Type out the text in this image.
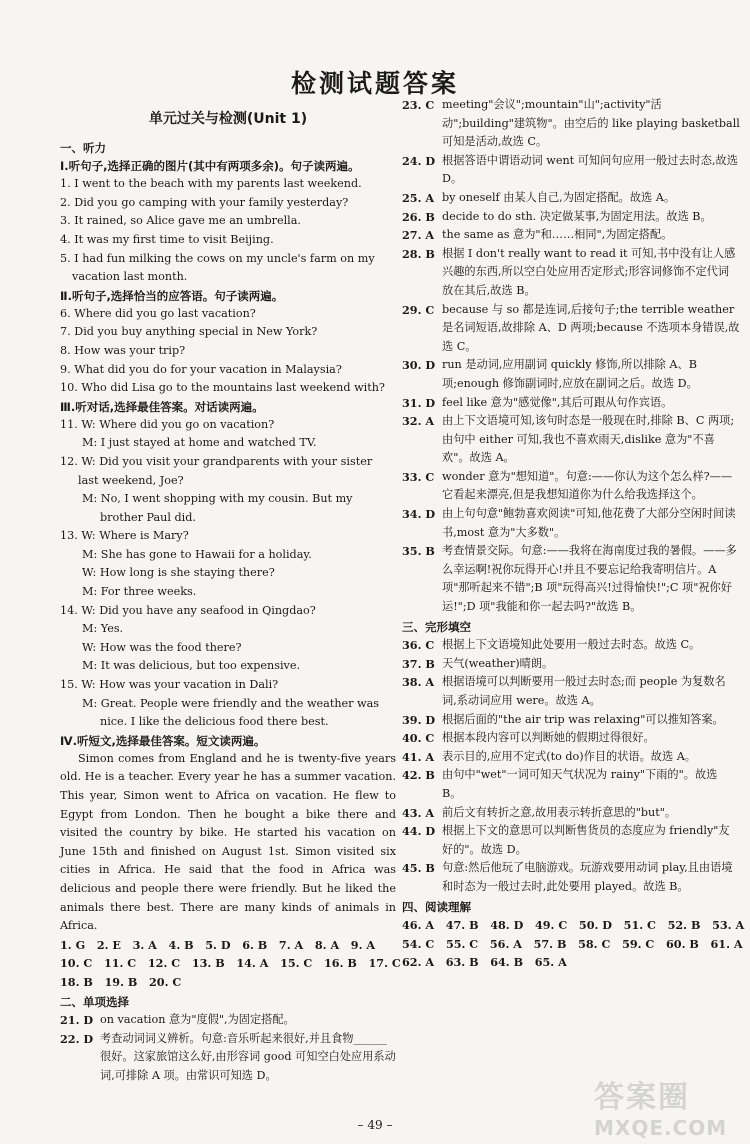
检测试题答案
单元过关与检测(Unit 1)
一、听力
Ⅰ.听句子,选择正确的图片(其中有两项多余)。句子读两遍。
1. I went to the beach with my parents last weekend.
2. Did you go camping with your family yesterday?
3. It rained, so Alice gave me an umbrella.
4. It was my first time to visit Beijing.
5. I had fun milking the cows on my uncle's farm on my vacation last month.
Ⅱ.听句子,选择恰当的应答语。句子读两遍。
6. Where did you go last vacation?
7. Did you buy anything special in New York?
8. How was your trip?
9. What did you do for your vacation in Malaysia?
10. Who did Lisa go to the mountains last weekend with?
Ⅲ.听对话,选择最佳答案。对话读两遍。
11. W: Where did you go on vacation?
M: I just stayed at home and watched TV.
12. W: Did you visit your grandparents with your sister last weekend, Joe?
M: No, I went shopping with my cousin. But my brother Paul did.
13. W: Where is Mary?
M: She has gone to Hawaii for a holiday.
W: How long is she staying there?
M: For three weeks.
14. W: Did you have any seafood in Qingdao?
M: Yes.
W: How was the food there?
M: It was delicious, but too expensive.
15. W: How was your vacation in Dali?
M: Great. People were friendly and the weather was nice. I like the delicious food there best.
Ⅳ.听短文,选择最佳答案。短文读两遍。
Simon comes from England and he is twenty-five years old. He is a teacher. Every year he has a summer vacation. This year, Simon went to Africa on vacation. He flew to Egypt from London. Then he bought a bike there and visited the country by bike. He started his vacation on June 15th and finished on August 1st. Simon visited six cities in Africa. He said that the food in Africa was delicious and people there were friendly. But he liked the animals there best. There are many kinds of animals in Africa.
1. G   2. E   3. A   4. B   5. D   6. B   7. A   8. A   9. A
10. C   11. C   12. C   13. B   14. A   15. C   16. B   17. C
18. B   19. B   20. C
二、单项选择
21. D on vacation 意为"度假",为固定搭配。
22. D 考查动词词义辨析。句意:音乐听起来很好,并且食物______很好。这家旅馆这么好,由形容词 good 可知空白处应用系动词,可排除 A 项。由常识可知选 D。
23. C meeting"会议";mountain"山";activity"活动";building"建筑物"。由空后的 like playing basketball 可知是活动,故选 C。
24. D 根据答语中谓语动词 went 可知问句应用一般过去时态,故选 D。
25. A by oneself 由某人自己,为固定搭配。故选 A。
26. B decide to do sth. 决定做某事,为固定用法。故选 B。
27. A the same as 意为"和……相同",为固定搭配。
28. B 根据 I don't really want to read it 可知,书中没有让人感兴趣的东西,所以空白处应用否定形式;形容词修饰不定代词放在其后,故选 B。
29. C because 与 so 都是连词,后接句子;the terrible weather 是名词短语,故排除 A、D 两项;because 不选项本身错误,故选 C。
30. D run 是动词,应用副词 quickly 修饰,所以排除 A、B 项;enough 修饰副词时,应放在副词之后。故选 D。
31. D feel like 意为"感觉像",其后可跟从句作宾语。
32. A 由上下文语境可知,该句时态是一般现在时,排除 B、C 两项;由句中 either 可知,我也不喜欢雨天,dislike 意为"不喜欢"。故选 A。
33. C wonder 意为"想知道"。句意:——你认为这个怎么样?——它看起来漂亮,但是我想知道你为什么给我选择这个。
34. D 由上句句意"鲍勃喜欢阅读"可知,他花费了大部分空闲时间读书,most 意为"大多数"。
35. B 考查情景交际。句意:——我将在海南度过我的暑假。——多么幸运啊!祝你玩得开心!并且不要忘记给我寄明信片。A 项"那听起来不错";B 项"玩得高兴!过得愉快!";C 项"祝你好运!";D 项"我能和你一起去吗?"故选 B。
三、完形填空
36. C 根据上下文语境知此处要用一般过去时态。故选 C。
37. B 天气(weather)晴朗。
38. A 根据语境可以判断要用一般过去时态;而 people 为复数名词,系动词应用 were。故选 A。
39. D 根据后面的"the air trip was relaxing"可以推知答案。
40. C 根据本段内容可以判断她的假期过得很好。
41. A 表示目的,应用不定式(to do)作目的状语。故选 A。
42. B 由句中"wet"一词可知天气状况为 rainy"下雨的"。故选 B。
43. A 前后文有转折之意,故用表示转折意思的"but"。
44. D 根据上下文的意思可以判断售货员的态度应为 friendly"友好的"。故选 D。
45. B 句意:然后他玩了电脑游戏。玩游戏要用动词 play,且由语境和时态为一般过去时,此处要用 played。故选 B。
四、阅读理解
46. A   47. B   48. D   49. C   50. D   51. C   52. B   53. A
54. C   55. C   56. A   57. B   58. C   59. C   60. B   61. A
62. A   63. B   64. B   65. A
– 49 –
答案圈
MXQE.COM
